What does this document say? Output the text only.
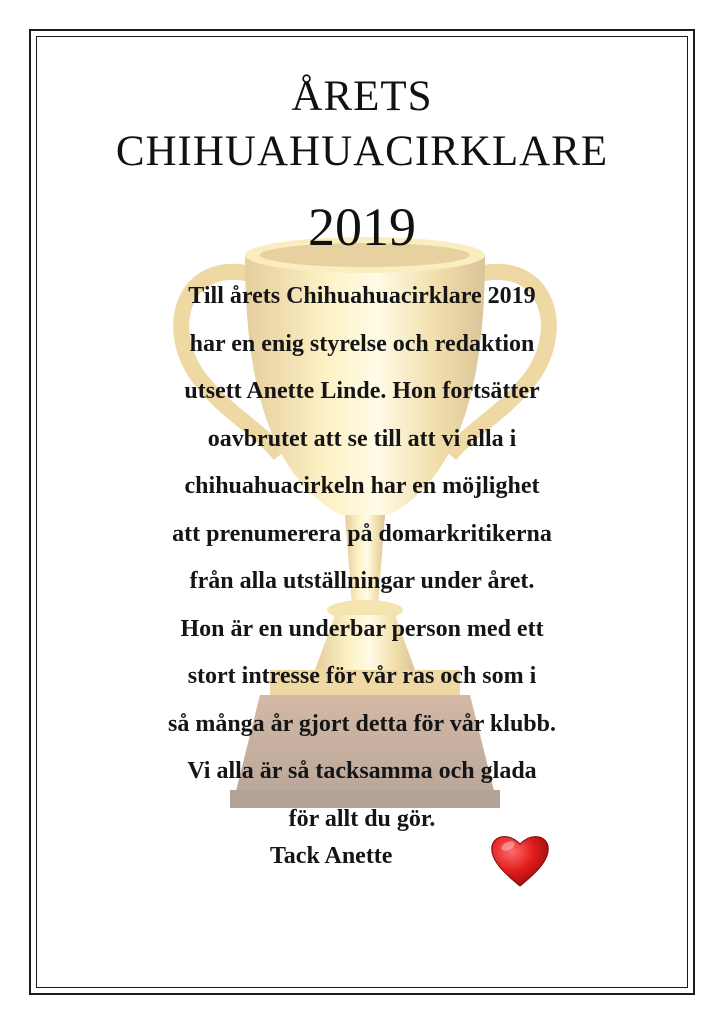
ÅRETS
CHIHUAHUACIRKLARE
2019
Till årets Chihuahuacirklare 2019
har en enig styrelse och redaktion
utsett Anette Linde. Hon fortsätter
oavbrutet att se till att vi alla i
chihuahuacirkeln har en möjlighet
att prenumerera på domarkritikerna
från alla utställningar under året.
Hon är en underbar person med ett
stort intresse för vår ras och som i
så många år gjort detta för vår klubb.
Vi alla är så tacksamma och glada
för allt du gör.
Tack Anette
